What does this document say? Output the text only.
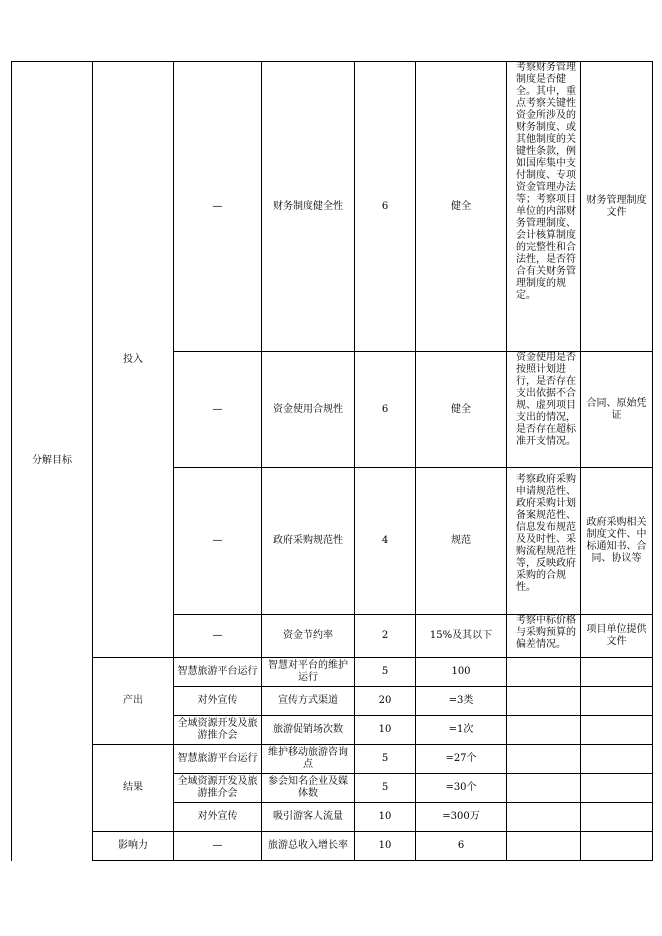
分解目标	投入	—	财务制度健全性	6	健全	考察财务管理制度是否健全。其中，重点考察关键性资金所涉及的财务制度、或其他制度的关键性条款，例如国库集中支付制度、专项资金管理办法等；考察项目单位的内部财务管理制度、会计核算制度的完整性和合法性，是否符合有关财务管理制度的规定。	财务管理制度文件
		—	资金使用合规性	6	健全	资金使用是否按照计划进行，是否存在支出依据不合规、虚列项目支出的情况，是否存在超标准开支情况。	合同、原始凭证
		—	政府采购规范性	4	规范	考察政府采购申请规范性、政府采购计划备案规范性、信息发布规范及及时性、采购流程规范性等，反映政府采购的合规性。	政府采购相关制度文件、中标通知书、合同、协议等
		—	资金节约率	2	15%及其以下	考察中标价格与采购预算的偏差情况。	项目单位提供文件
	产出	智慧旅游平台运行	智慧对平台的维护运行	5	100		
		对外宣传	宣传方式渠道	20	=3类		
		全域资源开发及旅游推介会	旅游促销场次数	10	=1次		
	结果	智慧旅游平台运行	维护移动旅游咨询点	5	=27个		
		全域资源开发及旅游推介会	参会知名企业及媒体数	5	=30个		
		对外宣传	吸引游客人流量	10	=300万		
	影响力	—	旅游总收入增长率	10	6		
